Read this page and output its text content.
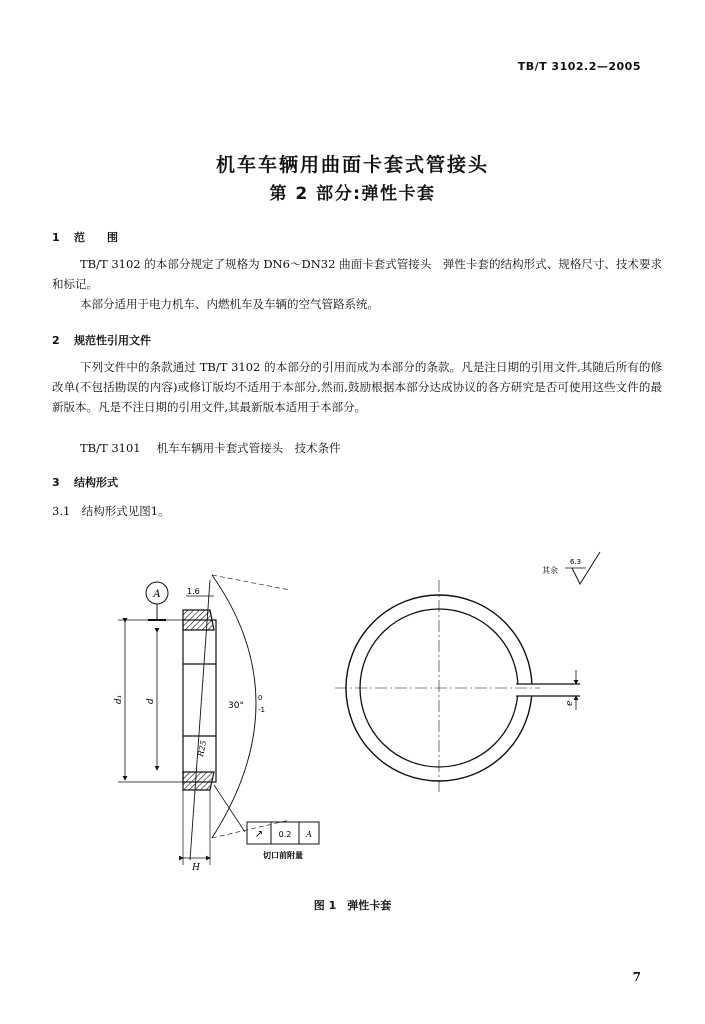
TB/T 3102.2—2005
机车车辆用曲面卡套式管接头
第 2 部分:弹性卡套
1 范　　围
TB/T 3102 的本部分规定了规格为 DN6～DN32 曲面卡套式管接头　弹性卡套的结构形式、规格尺寸、技术要求和标记。
本部分适用于电力机车、内燃机车及车辆的空气管路系统。
2 规范性引用文件
下列文件中的条款通过 TB/T 3102 的本部分的引用而成为本部分的条款。凡是注日期的引用文件,其随后所有的修改单(不包括勘误的内容)或修订版均不适用于本部分,然而,鼓励根据本部分达成协议的各方研究是否可使用这些文件的最新版本。凡是不注日期的引用文件,其最新版本适用于本部分。
TB/T 3101 机车车辆用卡套式管接头　技术条件
3 结构形式
3.1　结构形式见图1。
A	1.6
d₁ d	30°
0
-1
R25
↗ 0.2 A
切口前附量
H
e
其余
6.3
图 1　弹性卡套
7
